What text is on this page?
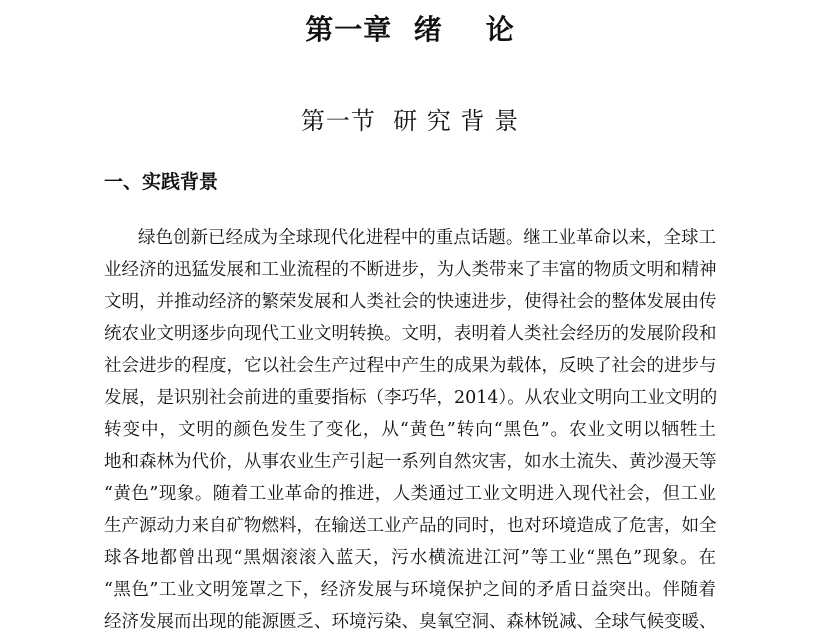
第一章  绪    论
第一节  研 究 背 景
一、实践背景
绿色创新已经成为全球现代化进程中的重点话题。继工业革命以来，全球工
业经济的迅猛发展和工业流程的不断进步，为人类带来了丰富的物质文明和精神
文明，并推动经济的繁荣发展和人类社会的快速进步，使得社会的整体发展由传
统农业文明逐步向现代工业文明转换。文明，表明着人类社会经历的发展阶段和
社会进步的程度，它以社会生产过程中产生的成果为载体，反映了社会的进步与
发展，是识别社会前进的重要指标（李巧华，2014）。从农业文明向工业文明的
转变中，文明的颜色发生了变化，从“黄色”转向“黑色”。农业文明以牺牲土
地和森林为代价，从事农业生产引起一系列自然灾害，如水土流失、黄沙漫天等
“黄色”现象。随着工业革命的推进，人类通过工业文明进入现代社会，但工业
生产源动力来自矿物燃料，在输送工业产品的同时，也对环境造成了危害，如全
球各地都曾出现“黑烟滚滚入蓝天，污水横流进江河”等工业“黑色”现象。在
“黑色”工业文明笼罩之下，经济发展与环境保护之间的矛盾日益突出。伴随着
经济发展而出现的能源匮乏、环境污染、臭氧空洞、森林锐减、全球气候变暖、
